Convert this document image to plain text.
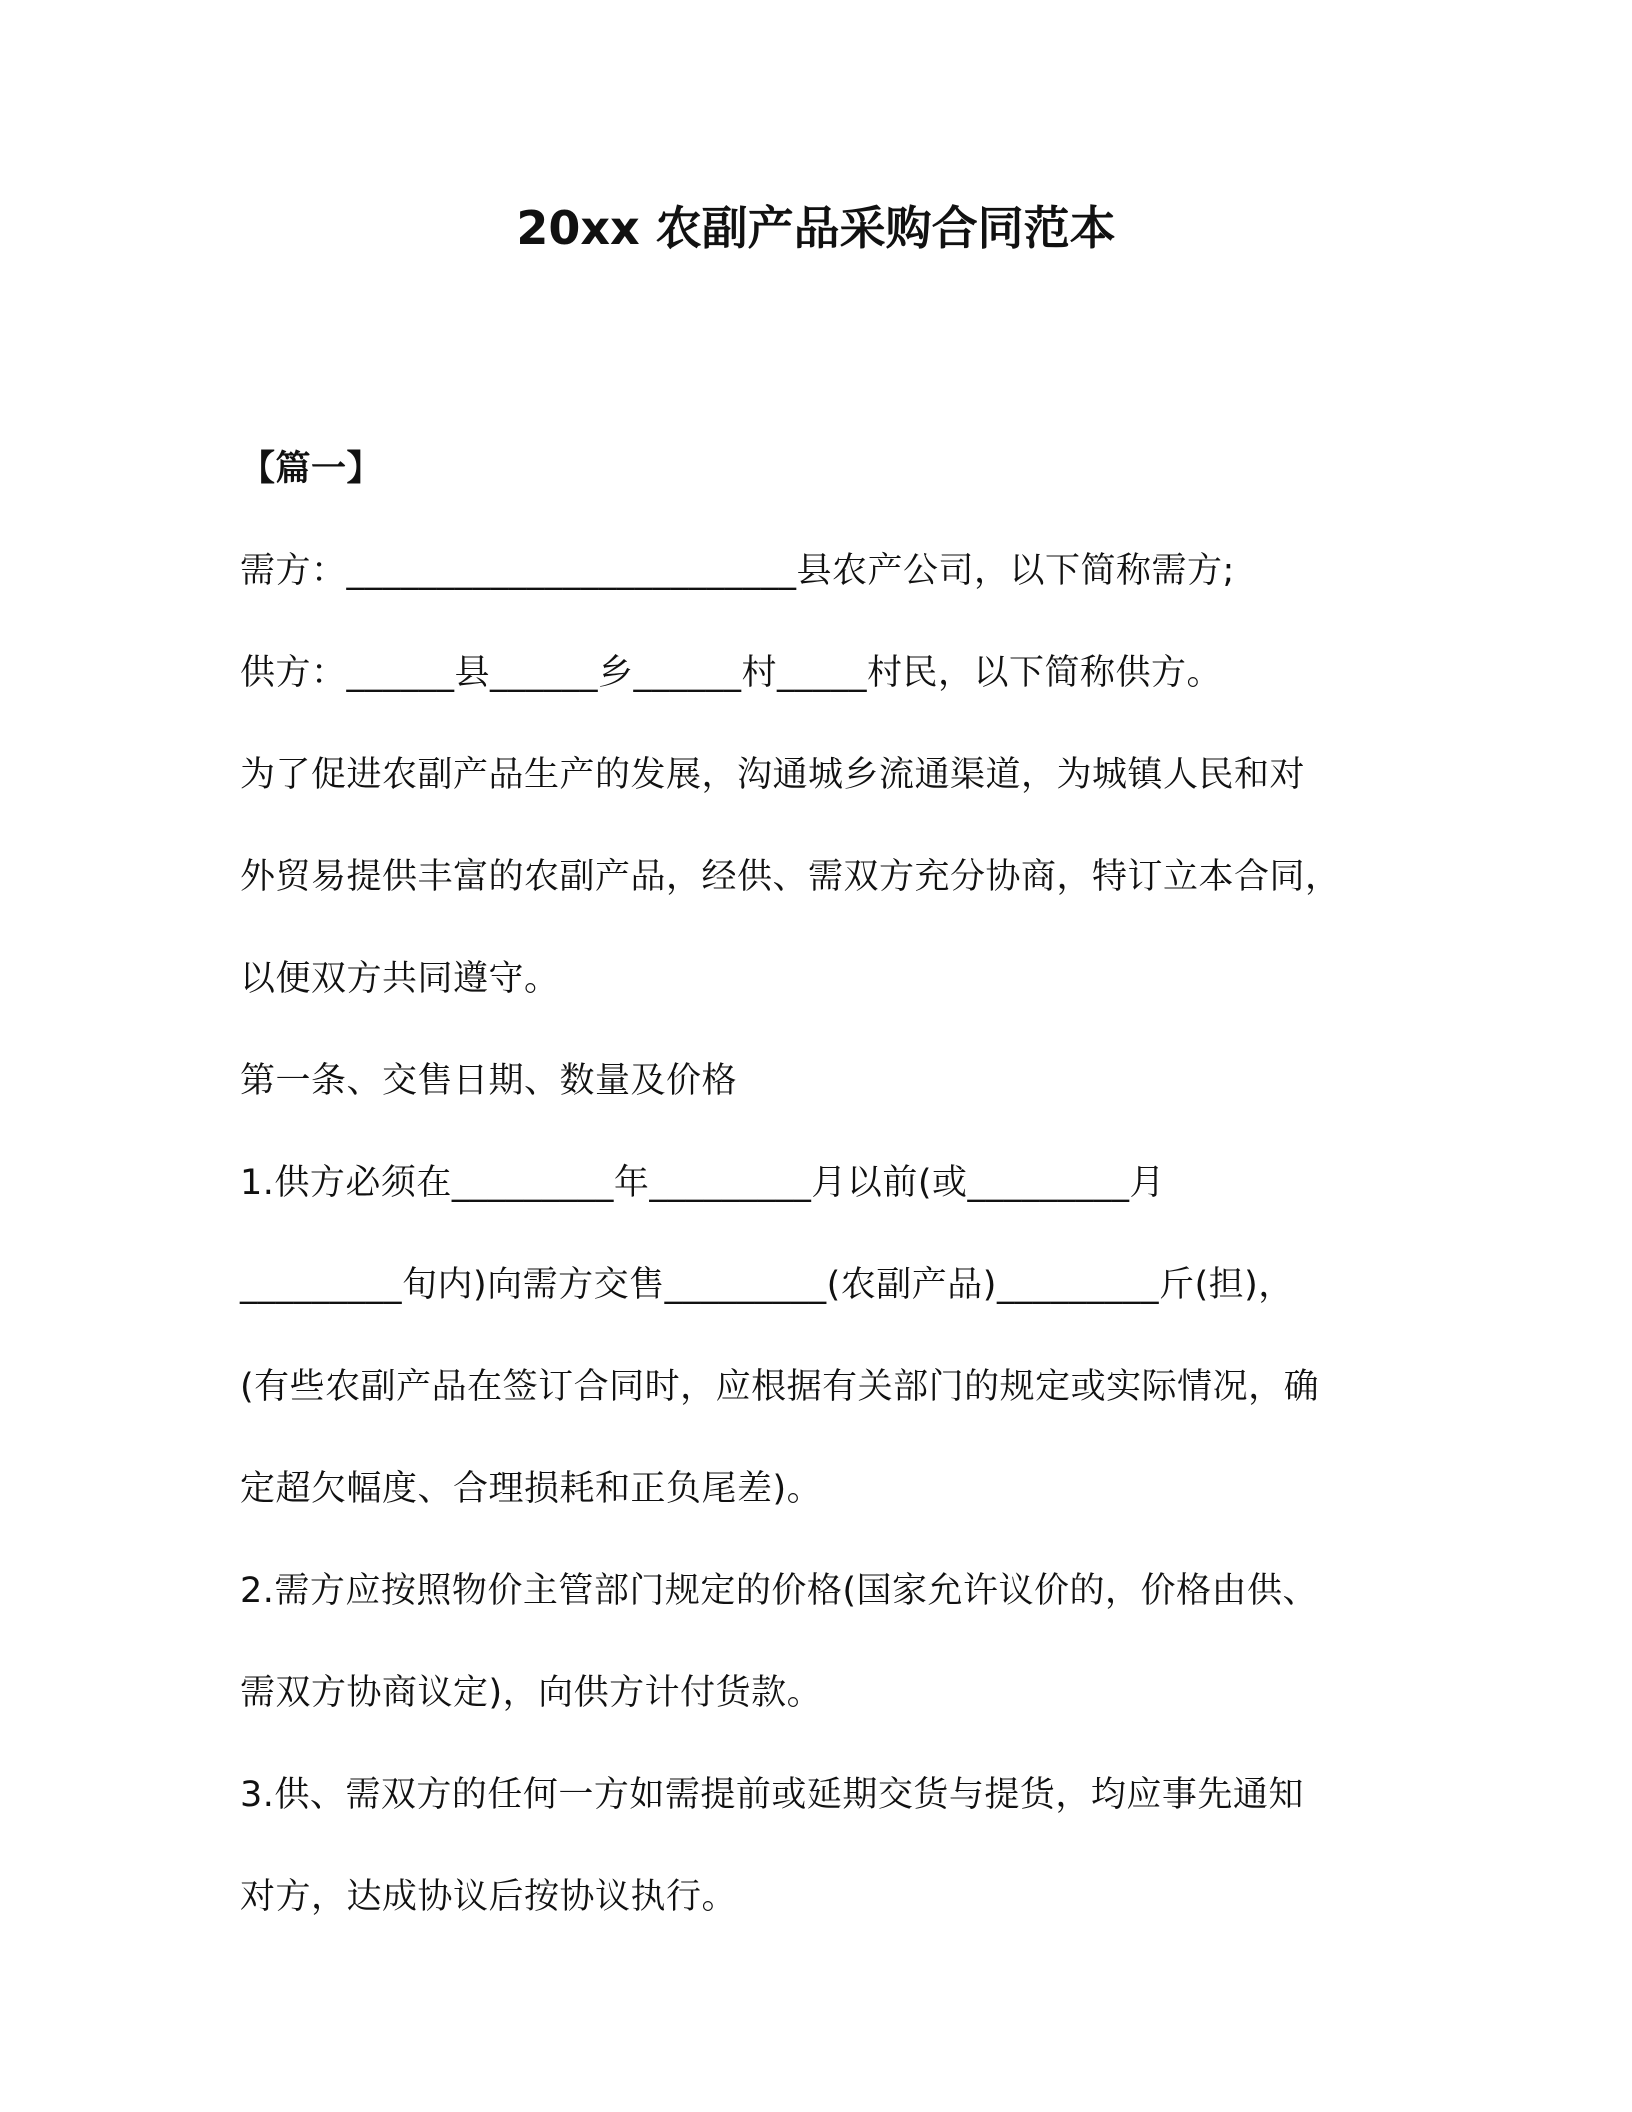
20xx 农副产品采购合同范本

【篇一】

需方：_________________________县农产公司，以下简称需方;

供方：______县______乡______村_____村民，以下简称供方。

为了促进农副产品生产的发展，沟通城乡流通渠道，为城镇人民和对

外贸易提供丰富的农副产品，经供、需双方充分协商，特订立本合同，

以便双方共同遵守。

第一条、交售日期、数量及价格

1.供方必须在_________年_________月以前(或_________月

_________旬内)向需方交售_________(农副产品)_________斤(担)，

(有些农副产品在签订合同时，应根据有关部门的规定或实际情况，确

定超欠幅度、合理损耗和正负尾差)。

2.需方应按照物价主管部门规定的价格(国家允许议价的，价格由供、

需双方协商议定)，向供方计付货款。

3.供、需双方的任何一方如需提前或延期交货与提货，均应事先通知

对方，达成协议后按协议执行。
